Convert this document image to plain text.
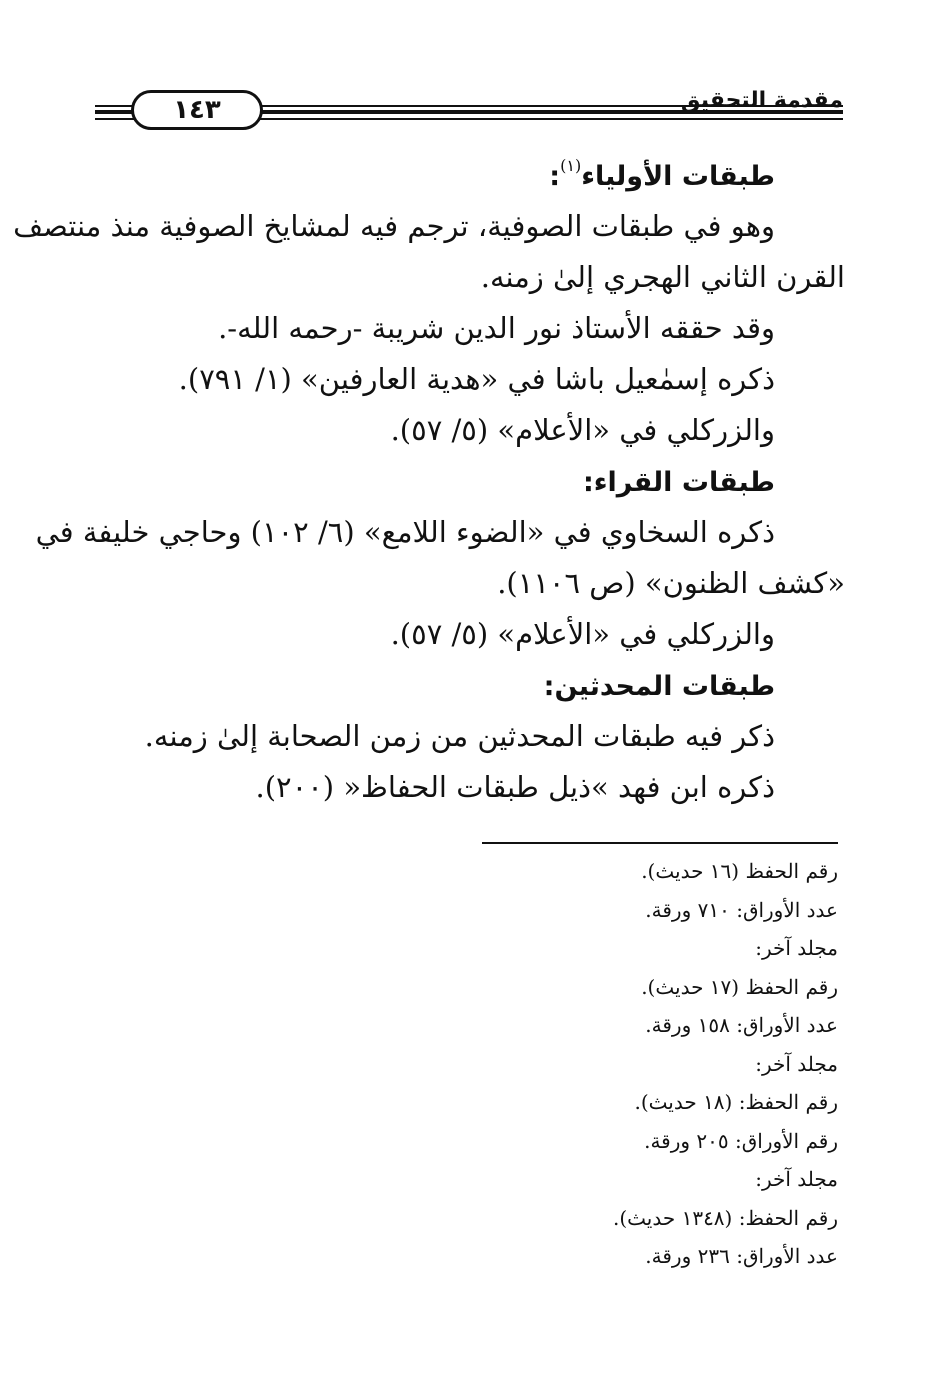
١٤٣	مقدمة التحقيق
طبقات الأولياء$^{(١)}$:
وهو في طبقات الصوفية، ترجم فيه لمشايخ الصوفية منذ منتصف
القرن الثاني الهجري إلىٰ زمنه.
وقد حققه الأستاذ نور الدين شريبة -رحمه الله-.
ذكره إسمٰعيل باشا في «هدية العارفين» (١/ ٧٩١).
والزركلي في «الأعلام» (٥/ ٥٧).
طبقات القراء:
ذكره السخاوي في «الضوء اللامع» (٦/ ١٠٢) وحاجي خليفة في
«كشف الظنون» (ص ١١٠٦).
والزركلي في «الأعلام» (٥/ ٥٧).
طبقات المحدثين:
ذكر فيه طبقات المحدثين من زمن الصحابة إلىٰ زمنه.
ذكره ابن فهد »ذيل طبقات الحفاظ« (٢٠٠).
رقم الحفظ (١٦ حديث).
عدد الأوراق: ٧١٠ ورقة.
مجلد آخر:
رقم الحفظ (١٧ حديث).
عدد الأوراق: ١٥٨ ورقة.
مجلد آخر:
رقم الحفظ: (١٨ حديث).
رقم الأوراق: ٢٠٥ ورقة.
مجلد آخر:
رقم الحفظ: (١٣٤٨ حديث).
عدد الأوراق: ٢٣٦ ورقة.
